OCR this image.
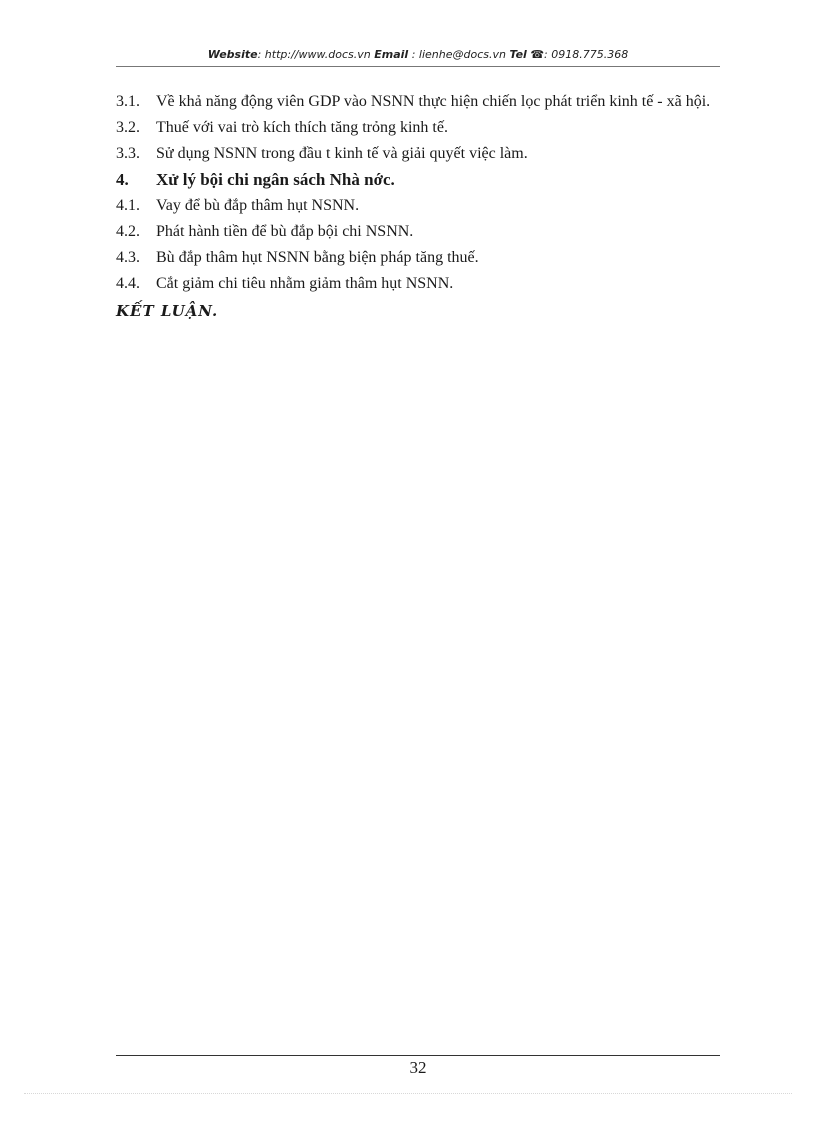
Website: http://www.docs.vn Email : lienhe@docs.vn Tel ☎: 0918.775.368
3.1. Về khả năng động viên GDP vào NSNN thực hiện chiến lọc phát triển kinh tế - xã hội.
3.2. Thuế với vai trò kích thích tăng trỏng kinh tế.
3.3. Sử dụng NSNN trong đầu t kinh tế và giải quyết việc làm.
4. Xử lý bội chi ngân sách Nhà nớc.
4.1. Vay để bù đắp thâm hụt NSNN.
4.2. Phát hành tiền để bù đắp bội chi NSNN.
4.3. Bù đắp thâm hụt NSNN bằng biện pháp tăng thuế.
4.4. Cắt giảm chi tiêu nhằm giảm thâm hụt NSNN.
KẾT LUẬN.
32
